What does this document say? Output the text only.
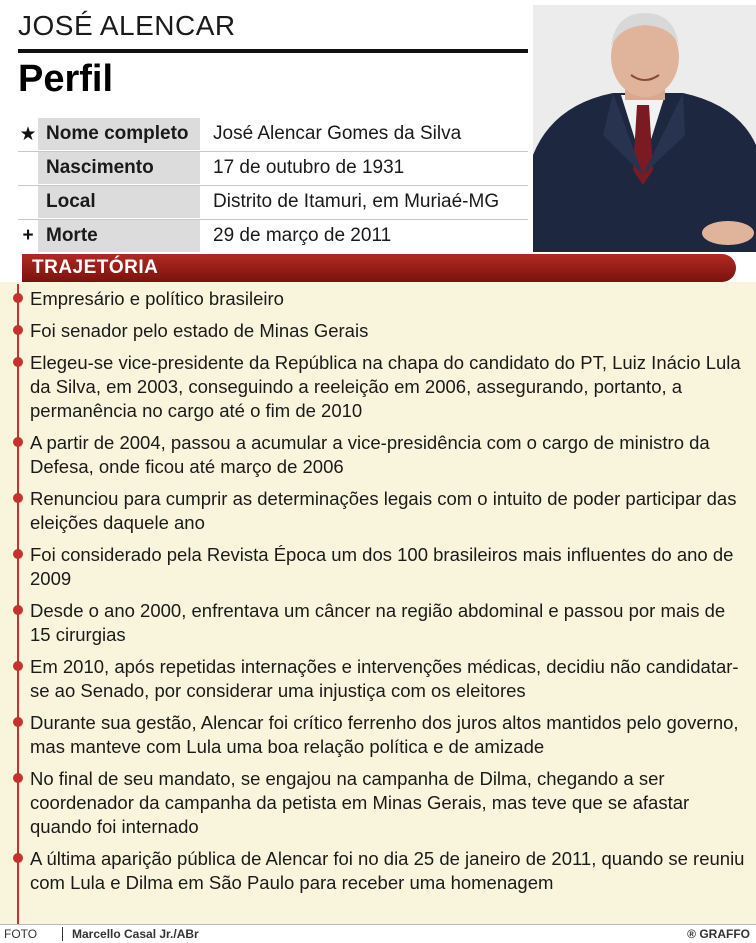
JOSÉ ALENCAR
Perfil
★ Nome completo	José Alencar Gomes da Silva
Nascimento	17 de outubro de 1931
Local	Distrito de Itamuri, em Muriaé-MG
+ Morte	29 de março de 2011
TRAJETÓRIA
Empresário e político brasileiro
Foi senador pelo estado de Minas Gerais
Elegeu-se vice-presidente da República na chapa do candidato do PT, Luiz Inácio Lula da Silva, em 2003, conseguindo a reeleição em 2006, assegurando, portanto, a permanência no cargo até o fim de 2010
A partir de 2004, passou a acumular a vice-presidência com o cargo de ministro da Defesa, onde ficou até março de 2006
Renunciou para cumprir as determinações legais com o intuito de poder participar das eleições daquele ano
Foi considerado pela Revista Época um dos 100 brasileiros mais influentes do ano de 2009
Desde o ano 2000, enfrentava um câncer na região abdominal e passou por mais de 15 cirurgias
Em 2010, após repetidas internações e intervenções médicas, decidiu não candidatar-se ao Senado, por considerar uma injustiça com os eleitores
Durante sua gestão, Alencar foi crítico ferrenho dos juros altos mantidos pelo governo, mas manteve com Lula uma boa relação política e de amizade
No final de seu mandato, se engajou na campanha de Dilma, chegando a ser coordenador da campanha da petista em Minas Gerais, mas teve que se afastar quando foi internado
A última aparição pública de Alencar foi no dia 25 de janeiro de 2011, quando se reuniu com Lula e Dilma em São Paulo para receber uma homenagem
FOTO	Marcello Casal Jr./ABr	® GRAFFO
